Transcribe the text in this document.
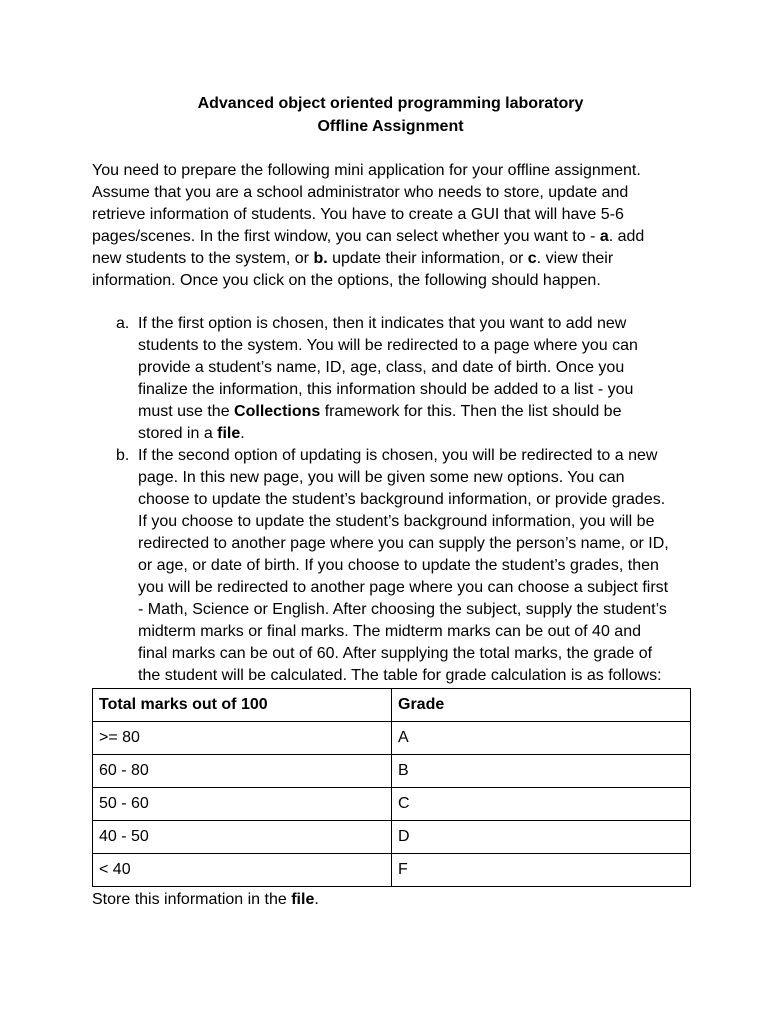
Advanced object oriented programming laboratory
Offline Assignment
You need to prepare the following mini application for your offline assignment.
Assume that you are a school administrator who needs to store, update and
retrieve information of students. You have to create a GUI that will have 5-6
pages/scenes. In the first window, you can select whether you want to - a. add
new students to the system, or b. update their information, or c. view their
information. Once you click on the options, the following should happen.
a. If the first option is chosen, then it indicates that you want to add new
students to the system. You will be redirected to a page where you can
provide a student’s name, ID, age, class, and date of birth. Once you
finalize the information, this information should be added to a list - you
must use the Collections framework for this. Then the list should be
stored in a file.
b. If the second option of updating is chosen, you will be redirected to a new
page. In this new page, you will be given some new options. You can
choose to update the student’s background information, or provide grades.
If you choose to update the student’s background information, you will be
redirected to another page where you can supply the person’s name, or ID,
or age, or date of birth. If you choose to update the student’s grades, then
you will be redirected to another page where you can choose a subject first
- Math, Science or English. After choosing the subject, supply the student’s
midterm marks or final marks. The midterm marks can be out of 40 and
final marks can be out of 60. After supplying the total marks, the grade of
the student will be calculated. The table for grade calculation is as follows:
Total marks out of 100	Grade
>= 80	A
60 - 80	B
50 - 60	C
40 - 50	D
< 40	F
Store this information in the file.
